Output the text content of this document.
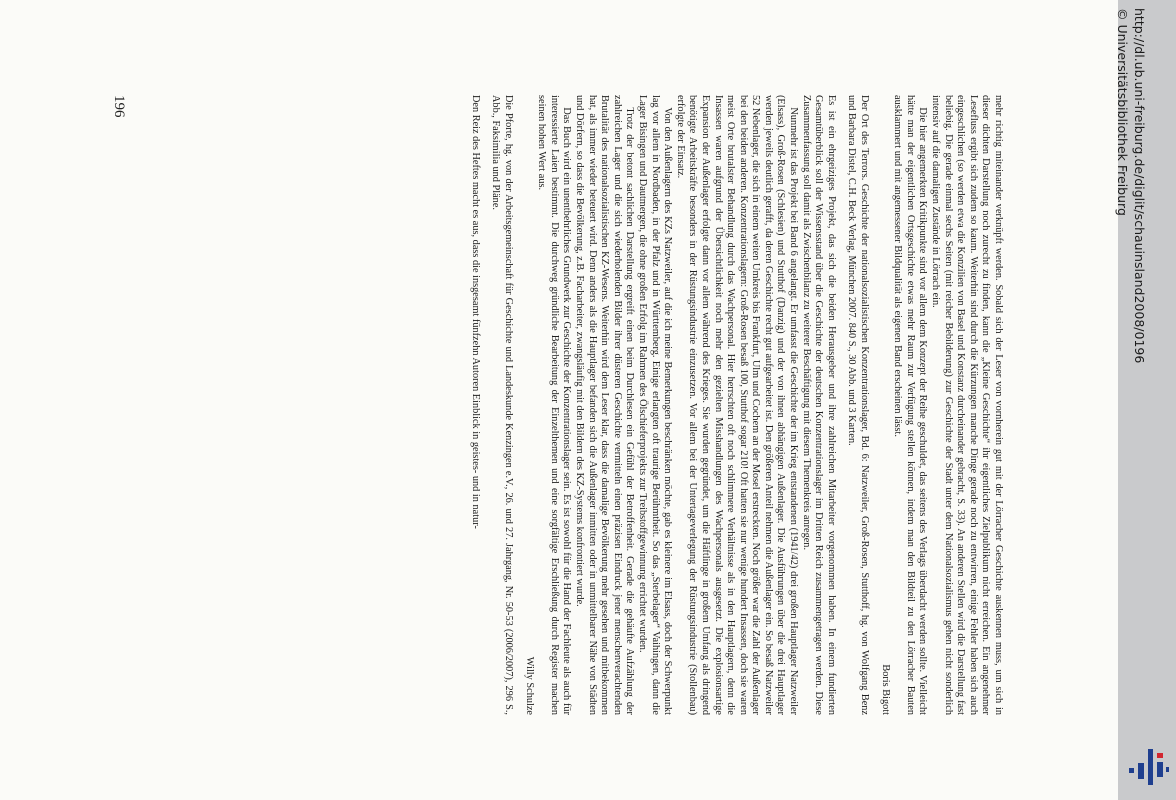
mehr richtig miteinander verknüpft werden. Sobald sich der Leser von vornherein gut mit der Lörracher Geschichte auskennen muss, um sich in dieser dichten Darstellung noch zurecht zu finden, kann die „Kleine Geschichte“ ihr eigentliches Zielpublikum nicht erreichen. Ein angenehmer Lesefluss ergibt sich zudem so kaum. Weiterhin sind durch die Kürzungen manche Dinge gerade noch zu entwirren, einige Fehler haben sich auch eingeschlichen (so werden etwa die Konzilien von Basel und Konstanz durcheinander gebracht, S. 33). An anderen Stellen wird die Darstellung fast beliebig. Die gerade einmal sechs Seiten (mit reicher Bebilderung) zur Geschichte der Stadt unter dem Nationalsozialismus gehen nicht sonderlich intensiv auf die damaligen Zustände in Lörrach ein.

Die hier angemerkten Kritikpunkte sind vor allem dem Konzept der Reihe geschuldet, das seitens des Verlags überdacht werden sollte. Vielleicht hätte man der eigentlichen Ortsgeschichte etwas mehr Raum zur Verfügung stellen können, indem man den Bildteil zu den Lörracher Bauten ausklammert und mit angemessener Bildqualität als eigenen Band erscheinen lässt.

Boris Bigott

Der Ort des Terrors. Geschichte der nationalsozialistischen Konzentrationslager, Bd. 6: Natzweiler, Groß-Rosen, Stutthoff, hg. von Wolfgang Benz und Barbara Distel, C.H. Beck Verlag, München 2007. 840 S., 30 Abb. und 3 Karten.

Es ist ein ehrgeiziges Projekt, das sich die beiden Herausgeber und ihre zahlreichen Mitarbeiter vorgenommen haben. In einem fundierten Gesamtüberblick soll der Wissensstand über die Geschichte der deutschen Konzentrationslager im Dritten Reich zusammengetragen werden. Diese Zusammenfassung soll damit als Zwischenbilanz zu weiterer Beschäftigung mit diesem Themenkreis anregen.

Nunmehr ist das Projekt bei Band 6 angelangt. Er umfasst die Geschichte der im Krieg entstandenen (1941/42) drei großen Hauptlager Natzweiler (Elsass), Groß-Rosen (Schlesien) und Stutthof (Danzig) und der von ihnen abhängigen Außenlager. Die Ausführungen über die drei Hauptlager werden jeweils deutlich gerafft, da deren Geschichte recht gut aufgearbeitet ist. Den größeren Anteil nehmen die Außenlager ein. So besaß Natzweiler 52 Nebenlager, die sich in einem weiten Umkreis bis Frankfurt, Ulm und Cochem an der Mosel erstreckten. Noch größer war die Zahl der Außenlager bei den beiden anderen. Konzentrationslagern: Groß-Rosen besaß 100, Stutthof sogar 210! Oft hatten sie nur wenige hundert Insassen, doch sie waren meist Orte brutalster Behandlung durch das Wachpersonal. Hier herrschten oft noch schlimmere Verhältnisse als in den Hauptlagern, denn die Insassen waren aufgrund der Übersichtlichkeit noch mehr den gezielten Misshandlungen des Wachpersonals ausgesetzt. Die explosionsartige Expansion der Außenlager erfolgte dann vor allem während des Krieges. Sie wurden gegründet, um die Häftlinge in großem Umfang als dringend benötigte Arbeitskräfte besonders in der Rüstungsindustrie einzusetzen. Vor allem bei der Untertageverlegung der Rüstungsindustrie (Stollenbau) erfolgte der Einsatz.

Von den Außenlagern des KZs Natzweiler, auf die ich meine Bemerkungen beschränken möchte, gab es kleinere im Elsass, doch der Schwerpunkt lag vor allem in Nordbaden, in der Pfalz und in Württemberg. Einige erlangten oft traurige Berühmtheit. So das „Sterbelager“ Vaihingen, dann die Lager Bisingen und Dautmergen, die ohne großen Erfolg im Rahmen des Ölschieferprojekts zur Treibstoffgewinnung errichtet wurden.

Trotz der betont sachlichen Darstellung ergreift einen beim Durchlesen ein Gefühl der Betroffenheit. Gerade die gehäufte Aufzählung der zahlreichen Lager und die sich wiederholenden Bilder ihrer düsteren Geschichte vermitteln einen präzisen Eindruck jener menschenverachtenden Brutalität des nationalsozialistischen KZ-Wesens. Weiterhin wird dem Leser klar, dass die damalige Bevölkerung mehr gesehen und mitbekommen hat, als immer wieder beteuert wird. Denn anders als die Hauptlager befanden sich die Außenlager inmitten oder in unmittelbarer Nähe von Städten und Dörfern, so dass die Bevölkerung, z.B. Facharbeiter, zwangsläufig mit den Bildern des KZ-Systems konfrontiert wurde.

Das Buch wird ein unentbehrliches Grundwerk zur Geschichte der Konzentrationslager sein. Es ist sowohl für die Hand der Fachleute als auch für interessierte Laien bestimmt. Die durchweg gründliche Bearbeitung der Einzelthemen und eine sorgfältige Erschließung durch Register machen seinen hohen Wert aus.

Willy Schulze

Die Pforte, hg. von der Arbeitsgemeinschaft für Geschichte und Landeskunde Kenzingen e.V., 26. und 27. Jahrgang, Nr. 50-53 (2006/2007), 296 S., Abb., Faksimilia und Pläne.

Den Reiz des Heftes macht es aus, dass die insgesamt fünfzehn Autoren Einblick in geistes- und in natur-

196	http://dl.ub.uni-freiburg.de/diglit/schauinsland2008/0196
© Universitätsbibliothek Freiburg
